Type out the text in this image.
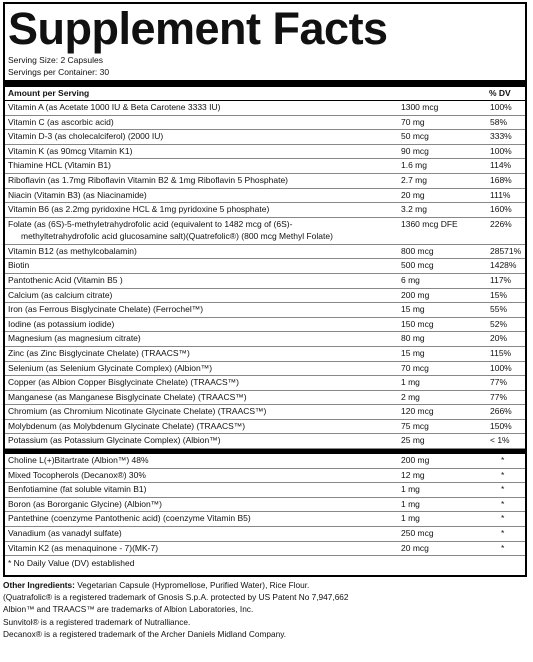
Supplement Facts
Serving Size: 2 Capsules
Servings per Container: 30
Amount per Serving	% DV
Vitamin A (as Acetate 1000 IU & Beta Carotene 3333 IU)	1300 mcg	100%
Vitamin C (as ascorbic acid)	70 mg	58%
Vitamin D-3 (as cholecalciferol) (2000 IU)	50 mcg	333%
Vitamin K (as 90mcg Vitamin K1)	90 mcg	100%
Thiamine HCL (Vitamin B1)	1.6 mg	114%
Riboflavin (as 1.7mg Riboflavin Vitamin B2 & 1mg Riboflavin 5 Phosphate)	2.7 mg	168%
Niacin (Vitamin B3) (as Niacinamide)	20 mg	111%
Vitamin B6 (as 2.2mg pyridoxine HCL & 1mg pyridoxine 5 phosphate)	3.2 mg	160%
Folate (as (6S)-5-methyletrahydrofolic acid (equivalent to 1482 mcg of (6S)-
methyltetrahydrofolic acid glucosamine salt)(Quatrefolic®) (800 mcg Methyl Folate)
1360 mcg DFE	226%
Vitamin B12 (as methylcobalamin)	800 mcg	28571%
Biotin	500 mcg	1428%
Pantothenic Acid (Vitamin B5 )	6 mg	117%
Calcium (as calcium citrate)	200 mg	15%
Iron (as Ferrous Bisglycinate Chelate) (Ferrochel™)	15 mg	55%
Iodine (as potassium iodide)	150 mcg	52%
Magnesium (as magnesium citrate)	80 mg	20%
Zinc (as Zinc Bisglycinate Chelate) (TRAACS™)	15 mg	115%
Selenium (as Selenium Glycinate Complex) (Albion™)	70 mcg	100%
Copper (as Albion Copper Bisglycinate Chelate) (TRAACS™)	1 mg	77%
Manganese (as Manganese Bisglycinate Chelate) (TRAACS™)	2 mg	77%
Chromium (as Chromium Nicotinate Glycinate Chelate) (TRAACS™)	120 mcg	266%
Molybdenum (as Molybdenum Glycinate Chelate) (TRAACS™)	75 mcg	150%
Potassium (as Potassium Glycinate Complex) (Albion™)	25 mg	< 1%
Choline L(+)Bitartrate (Albion™) 48%	200 mg	*
Mixed Tocopherols (Decanox®) 30%	12 mg	*
Benfotiamine (fat soluble vitamin B1)	1 mg	*
Boron (as Bororganic Glycine) (Albion™)	1 mg	*
Pantethine (coenzyme Pantothenic acid) (coenzyme Vitamin B5)	1 mg	*
Vanadium (as vanadyl sulfate)	250 mcg	*
Vitamin K2 (as menaquinone - 7)(MK-7)	20 mcg	*
* No Daily Value (DV) established
Other Ingredients: Vegetarian Capsule (Hypromellose, Purified Water), Rice Flour.
(Quatrafolic® is a registered trademark of Gnosis S.p.A. protected by US Patent No 7,947,662
Albion™ and TRAACS™ are trademarks of Albion Laboratories, Inc.
Sunvitol® is a registered trademark of Nutralliance.
Decanox® is a registered trademark of the Archer Daniels Midland Company.
